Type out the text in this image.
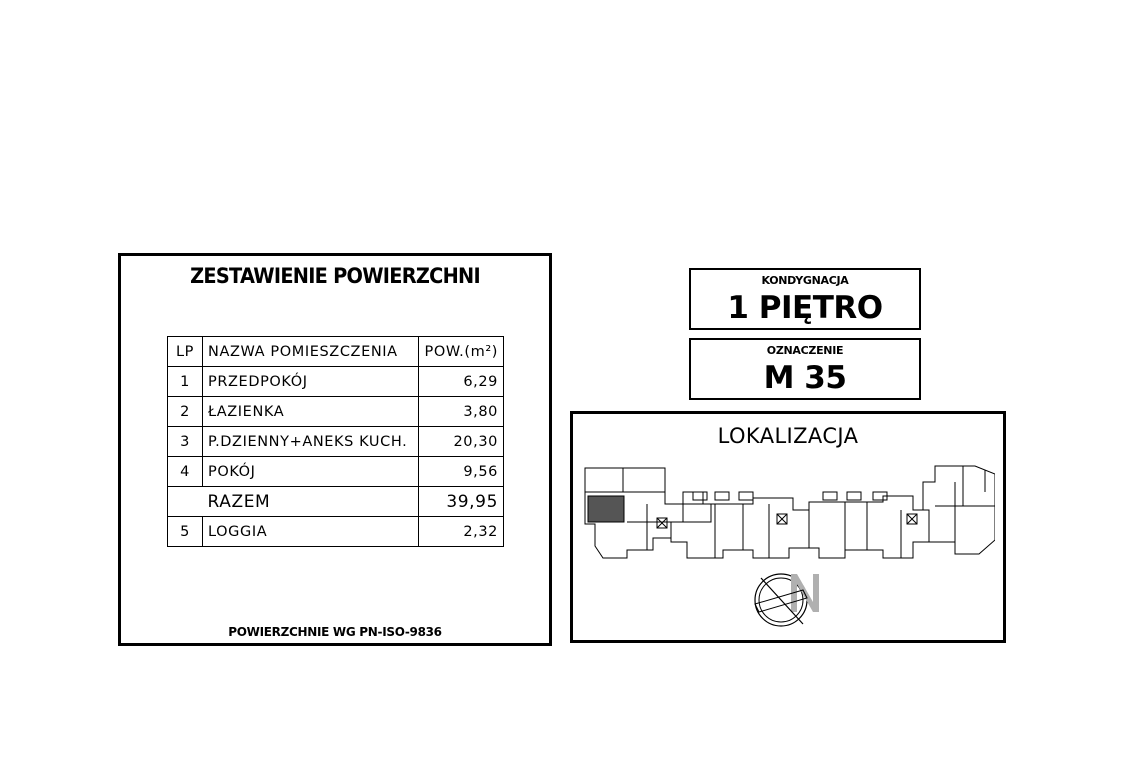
ZESTAWIENIE POWIERZCHNI
LP	NAZWA POMIESZCZENIA	POW.(m²)
1	PRZEDPOKÓJ	6,29
2	ŁAZIENKA	3,80
3	P.DZIENNY+ANEKS KUCH.	20,30
4	POKÓJ	9,56
	RAZEM	39,95
5	LOGGIA	2,32
POWIERZCHNIE WG PN-ISO-9836
KONDYGNACJA
1 PIĘTRO
OZNACZENIE
M 35
LOKALIZACJA
